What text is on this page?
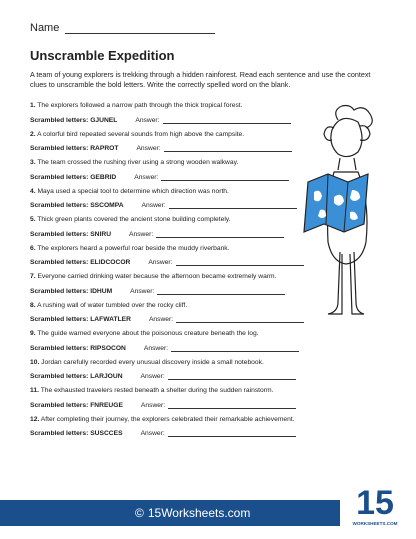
Name
Unscramble Expedition
A team of young explorers is trekking through a hidden rainforest. Read each sentence and use the context clues to unscramble the bold letters. Write the correctly spelled word on the blank.

1. The explorers followed a narrow path through the thick tropical forest.

Scrambled letters: GJUNEL	Answer:

2. A colorful bird repeated several sounds from high above the campsite.

Scrambled letters: RAPROT	Answer:

3. The team crossed the rushing river using a strong wooden walkway.

Scrambled letters: GEBRID	Answer:

4. Maya used a special tool to determine which direction was north.

Scrambled letters: SSCOMPA	Answer:

5. Thick green plants covered the ancient stone building completely.

Scrambled letters: SNIRU	Answer:

6. The explorers heard a powerful roar beside the muddy riverbank.

Scrambled letters: ELIDCOCOR	Answer:

7. Everyone carried drinking water because the afternoon became extremely warm.

Scrambled letters: IDHUM	Answer:

8. A rushing wall of water tumbled over the rocky cliff.

Scrambled letters: LAFWATLER	Answer:

9. The guide warned everyone about the poisonous creature beneath the log.

Scrambled letters: RIPSOCON	Answer:

10. Jordan carefully recorded every unusual discovery inside a small notebook.

Scrambled letters: LARJOUN	Answer:

11. The exhausted travelers rested beneath a shelter during the sudden rainstorm.

Scrambled letters: FNREUGE	Answer:

12. After completing their journey, the explorers celebrated their remarkable achievement.

Scrambled letters: SUSCCES	Answer:
© 15Worksheets.com	15
WORKSHEETS.COM
